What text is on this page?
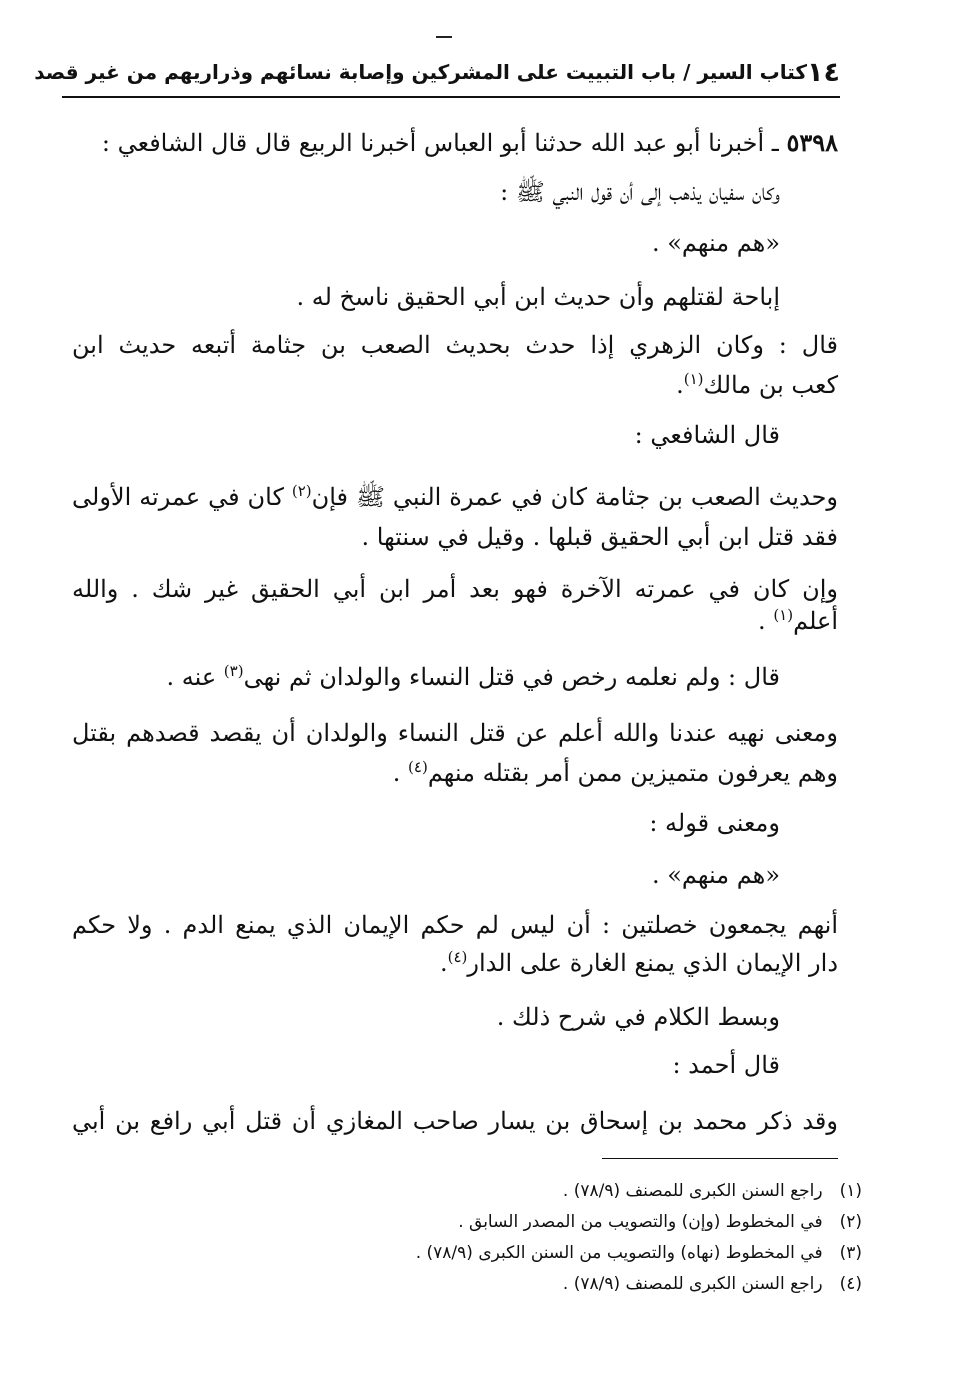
١٤
كتاب السير / باب التبييت على المشركين وإصابة نسائهم وذراريهم من غير قصد
٥٣٩٨ ـ أخبرنا أبو عبد الله حدثنا أبو العباس أخبرنا الربيع قال قال الشافعي :
وكان سفيان يذهب إلى أن قول النبي ﷺ :
«هم منهم» .
إباحة لقتلهم وأن حديث ابن أبي الحقيق ناسخ له .
قال : وكان الزهري إذا حدث بحديث الصعب بن جثامة أتبعه حديث ابن
كعب بن مالك$^{(١)}$.
قال الشافعي :
وحديث الصعب بن جثامة كان في عمرة النبي ﷺ فإن$^{(٢)}$ كان في عمرته الأولى
فقد قتل ابن أبي الحقيق قبلها . وقيل في سنتها .
وإن كان في عمرته الآخرة فهو بعد أمر ابن أبي الحقيق غير شك . والله
أعلم$^{(١)}$ .
قال : ولم نعلمه رخص في قتل النساء والولدان ثم نهى$^{(٣)}$ عنه .
ومعنى نهيه عندنا والله أعلم عن قتل النساء والولدان أن يقصد قصدهم بقتل
وهم يعرفون متميزين ممن أمر بقتله منهم$^{(٤)}$ .
ومعنى قوله :
«هم منهم» .
أنهم يجمعون خصلتين : أن ليس لم حكم الإيمان الذي يمنع الدم . ولا حكم
دار الإيمان الذي يمنع الغارة على الدار$^{(٤)}$.
وبسط الكلام في شرح ذلك .
قال أحمد :
وقد ذكر محمد بن إسحاق بن يسار صاحب المغازي أن قتل أبي رافع بن أبي
(١) راجع السنن الكبرى للمصنف (٧٨/٩) .
(٢) في المخطوط (وإن) والتصويب من المصدر السابق .
(٣) في المخطوط (نهاه) والتصويب من السنن الكبرى (٧٨/٩) .
(٤) راجع السنن الكبرى للمصنف (٧٨/٩) .
